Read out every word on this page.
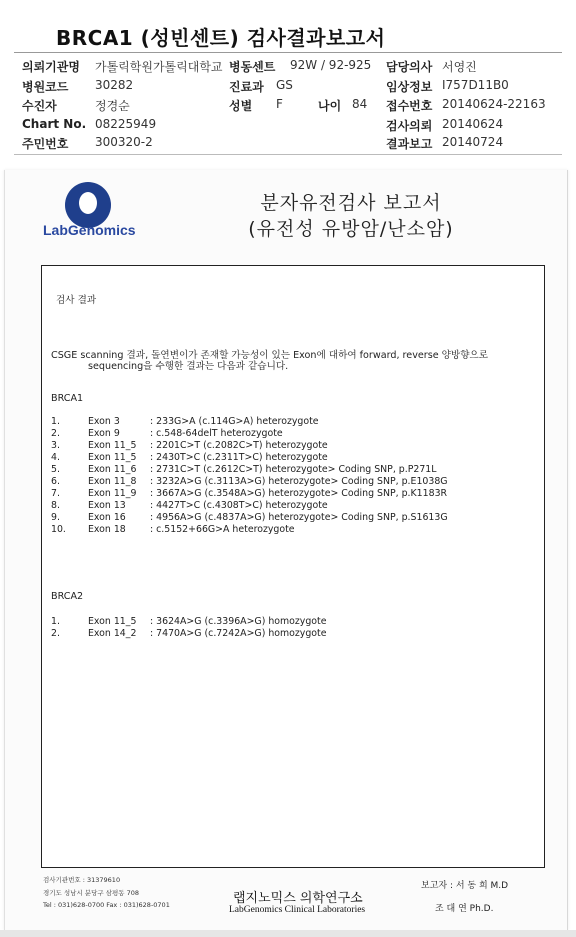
BRCA1 (성빈센트) 검사결과보고서
의뢰기관명 가톨릭학원가톨릭대학교
병원코드 30282
수진자	정경순
Chart No. 08225949
주민번호 300320-2
병동센트 92W / 92-925
진료과 GS
성별 F	나이 84
담당의사 서영진
임상정보 I757D11B0
접수번호 20140624-22163
검사의뢰 20140624
결과보고 20140724
LabGenomics
분자유전검사 보고서
(유전성 유방암/난소암)
검사 결과
CSGE scanning 결과, 돌연변이가 존재할 가능성이 있는 Exon에 대하여 forward, reverse 양방향으로
sequencing을 수행한 결과는 다음과 같습니다.
BRCA1
1.	Exon 3	: 233G>A (c.114G>A) heterozygote
2.	Exon 9	: c.548-64delT heterozygote
3.	Exon 11_5 : 2201C>T (c.2082C>T) heterozygote
4.	Exon 11_5 : 2430T>C (c.2311T>C) heterozygote
5.	Exon 11_6 : 2731C>T (c.2612C>T) heterozygote> Coding SNP, p.P271L
6.	Exon 11_8 : 3232A>G (c.3113A>G) heterozygote> Coding SNP, p.E1038G
7.	Exon 11_9 : 3667A>G (c.3548A>G) heterozygote> Coding SNP, p.K1183R
8.	Exon 13	: 4427T>C (c.4308T>C) heterozygote
9.	Exon 16	: 4956A>G (c.4837A>G) heterozygote> Coding SNP, p.S1613G
10. Exon 18	: c.5152+66G>A heterozygote
BRCA2
1.	Exon 11_5 : 3624A>G (c.3396A>G) homozygote
2.	Exon 14_2 : 7470A>G (c.7242A>G) homozygote
검사기관번호 : 31379610
경기도 성남시 분당구 삼평동 708
Tel : 031)628-0700 Fax : 031)628-0701	랩지노믹스 의학연구소
LabGenomics Clinical Laboratories
보고자 : 서 동 희 M.D
조 대 연 Ph.D.
